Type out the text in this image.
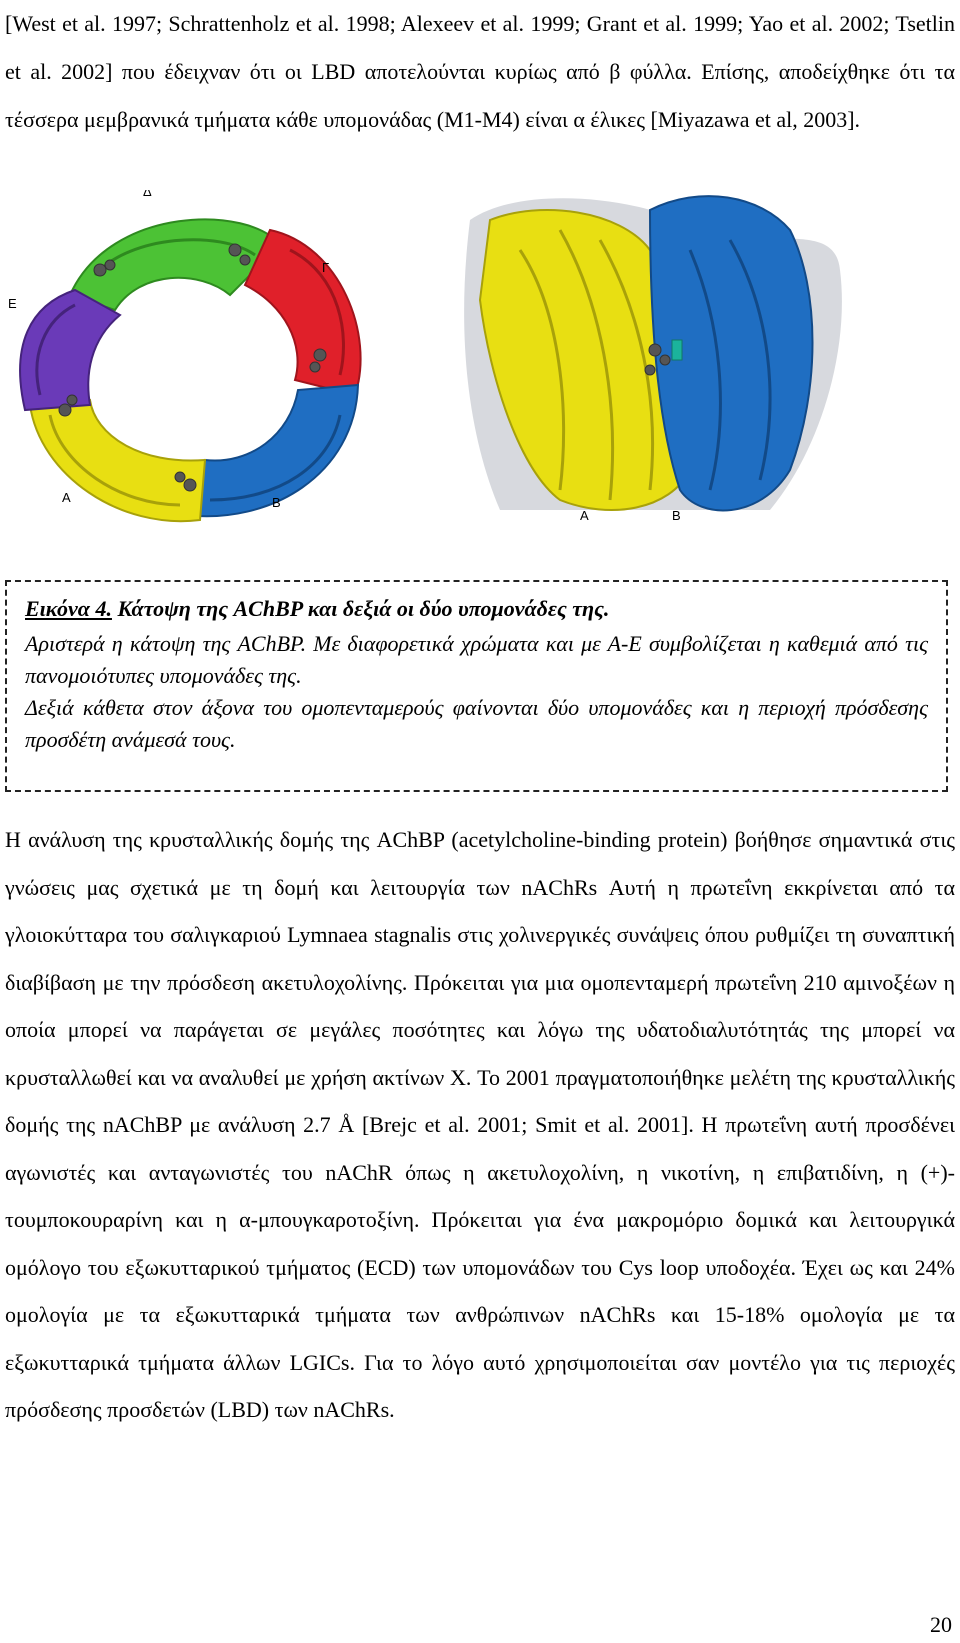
[West et al. 1997; Schrattenholz et al. 1998; Alexeev et al. 1999; Grant et al. 1999; Yao et al. 2002; Tsetlin et al. 2002] που έδειχναν ότι οι LBD αποτελούνται κυρίως από β φύλλα. Επίσης, αποδείχθηκε ότι τα τέσσερα μεμβρανικά τμήματα κάθε υπομονάδας (M1-M4) είναι α έλικες [Miyazawa et al, 2003].

Δ
Γ
Ε
Α	Β
Α	Β

Εικόνα 4. Κάτοψη της AChBP και δεξιά οι δύο υπομονάδες της.

Αριστερά η κάτοψη της AChBP. Με διαφορετικά χρώματα και με Α-Ε συμβολίζεται η καθεμιά από τις πανομοιότυπες υπομονάδες της.

Δεξιά κάθετα στον άξονα του ομοπενταμερούς φαίνονται δύο υπομονάδες και η περιοχή πρόσδεσης προσδέτη ανάμεσά τους.

Η ανάλυση της κρυσταλλικής δομής της AChBP (acetylcholine-binding protein) βοήθησε σημαντικά στις γνώσεις μας σχετικά με τη δομή και λειτουργία των nAChRs Αυτή η πρωτεΐνη εκκρίνεται από τα γλοιοκύτταρα του σαλιγκαριού Lymnaea stagnalis στις χολινεργικές συνάψεις όπου ρυθμίζει τη συναπτική διαβίβαση με την πρόσδεση ακετυλοχολίνης. Πρόκειται για μια ομοπενταμερή πρωτεΐνη 210 αμινοξέων η οποία μπορεί να παράγεται σε μεγάλες ποσότητες και λόγω της υδατοδιαλυτότητάς της μπορεί να κρυσταλλωθεί και να αναλυθεί με χρήση ακτίνων X. Το 2001 πραγματοποιήθηκε μελέτη της κρυσταλλικής δομής της nAChBP με ανάλυση 2.7 Å [Brejc et al. 2001; Smit et al. 2001]. Η πρωτεΐνη αυτή προσδένει αγωνιστές και ανταγωνιστές του nAChR όπως η ακετυλοχολίνη, η νικοτίνη, η επιβατιδίνη, η (+)-τουμποκουραρίνη και η α-μπουγκαροτοξίνη. Πρόκειται για ένα μακρομόριο δομικά και λειτουργικά ομόλογο του εξωκυτταρικού τμήματος (ECD) των υπομονάδων του Cys loop υποδοχέα. Έχει ως και 24% ομολογία με τα εξωκυτταρικά τμήματα των ανθρώπινων nAChRs και 15-18% ομολογία με τα εξωκυτταρικά τμήματα άλλων LGICs. Για το λόγο αυτό χρησιμοποιείται σαν μοντέλο για τις περιοχές πρόσδεσης προσδετών (LBD) των nAChRs.

20
